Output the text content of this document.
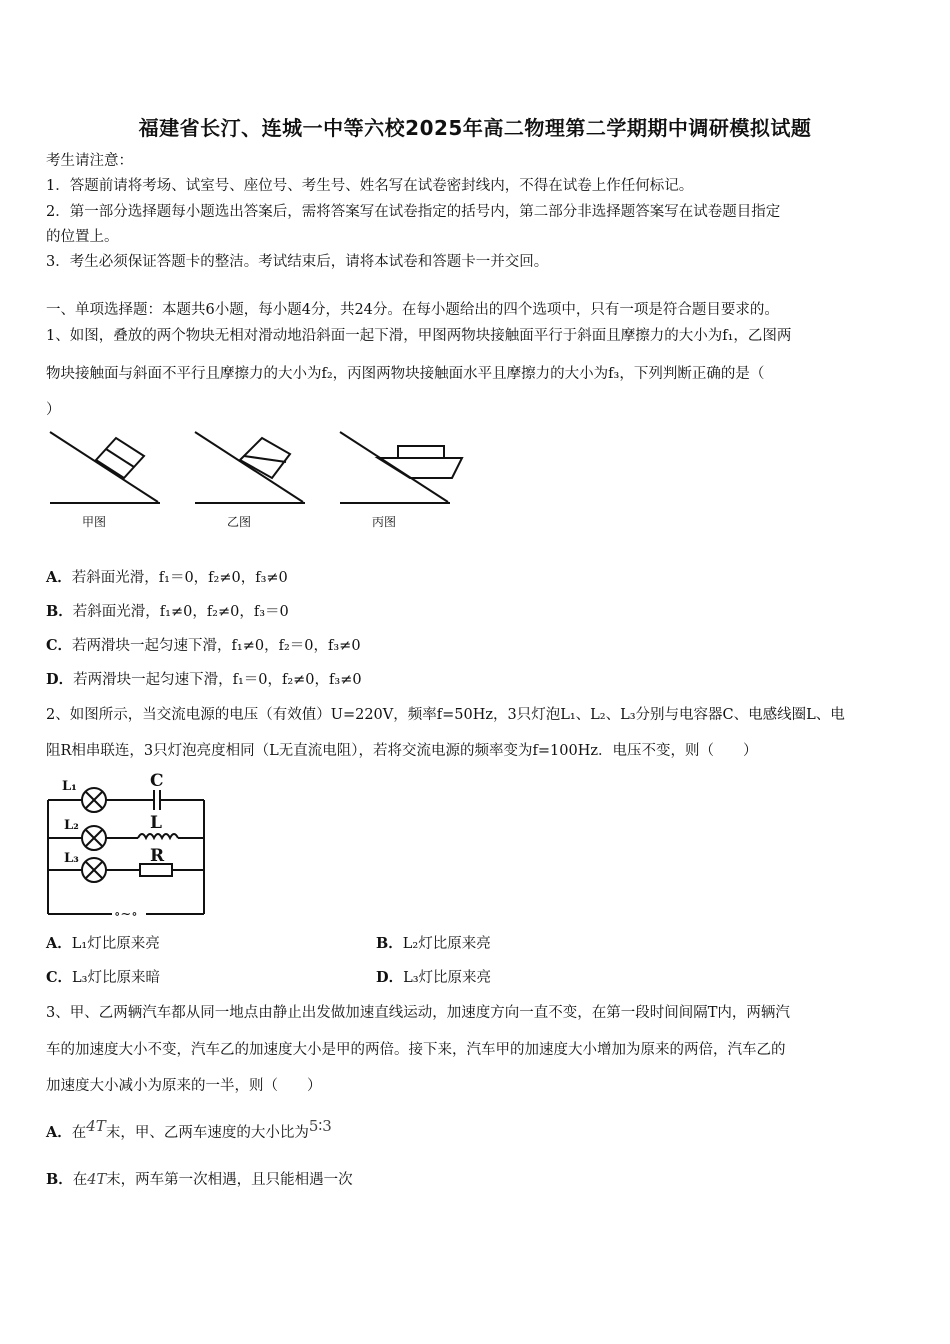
福建省长汀、连城一中等六校2025年高二物理第二学期期中调研模拟试题
考生请注意：
1．答题前请将考场、试室号、座位号、考生号、姓名写在试卷密封线内，不得在试卷上作任何标记。
2．第一部分选择题每小题选出答案后，需将答案写在试卷指定的括号内，第二部分非选择题答案写在试卷题目指定
的位置上。
3．考生必须保证答题卡的整洁。考试结束后，请将本试卷和答题卡一并交回。
一、单项选择题：本题共6小题，每小题4分，共24分。在每小题给出的四个选项中，只有一项是符合题目要求的。
1、如图，叠放的两个物块无相对滑动地沿斜面一起下滑，甲图两物块接触面平行于斜面且摩擦力的大小为f₁，乙图两
物块接触面与斜面不平行且摩擦力的大小为f₂，丙图两物块接触面水平且摩擦力的大小为f₃，下列判断正确的是（
）
甲图	乙图	丙图
A．若斜面光滑，f₁＝0，f₂≠0，f₃≠0
B．若斜面光滑，f₁≠0，f₂≠0，f₃＝0
C．若两滑块一起匀速下滑，f₁≠0，f₂＝0，f₃≠0
D．若两滑块一起匀速下滑，f₁＝0，f₂≠0，f₃≠0
2、如图所示，当交流电源的电压（有效值）U=220V，频率f=50Hz，3只灯泡L₁、L₂、L₃分别与电容器C、电感线圈L、电
阻R相串联连，3只灯泡亮度相同（L无直流电阻），若将交流电源的频率变为f=100Hz．电压不变，则（　　）
L₁
L₂
L₃
C
L
R
∘~∘
A．L₁灯比原来亮	B．L₂灯比原来亮
C．L₃灯比原来暗	D．L₃灯比原来亮
3、甲、乙两辆汽车都从同一地点由静止出发做加速直线运动，加速度方向一直不变，在第一段时间间隔T内，两辆汽
车的加速度大小不变，汽车乙的加速度大小是甲的两倍。接下来，汽车甲的加速度大小增加为原来的两倍，汽车乙的
加速度大小减小为原来的一半，则（　　）
A．在$^{4T}$末，甲、乙两车速度的大小比为$^{5∶3}$
B．在4T末，两车第一次相遇，且只能相遇一次
